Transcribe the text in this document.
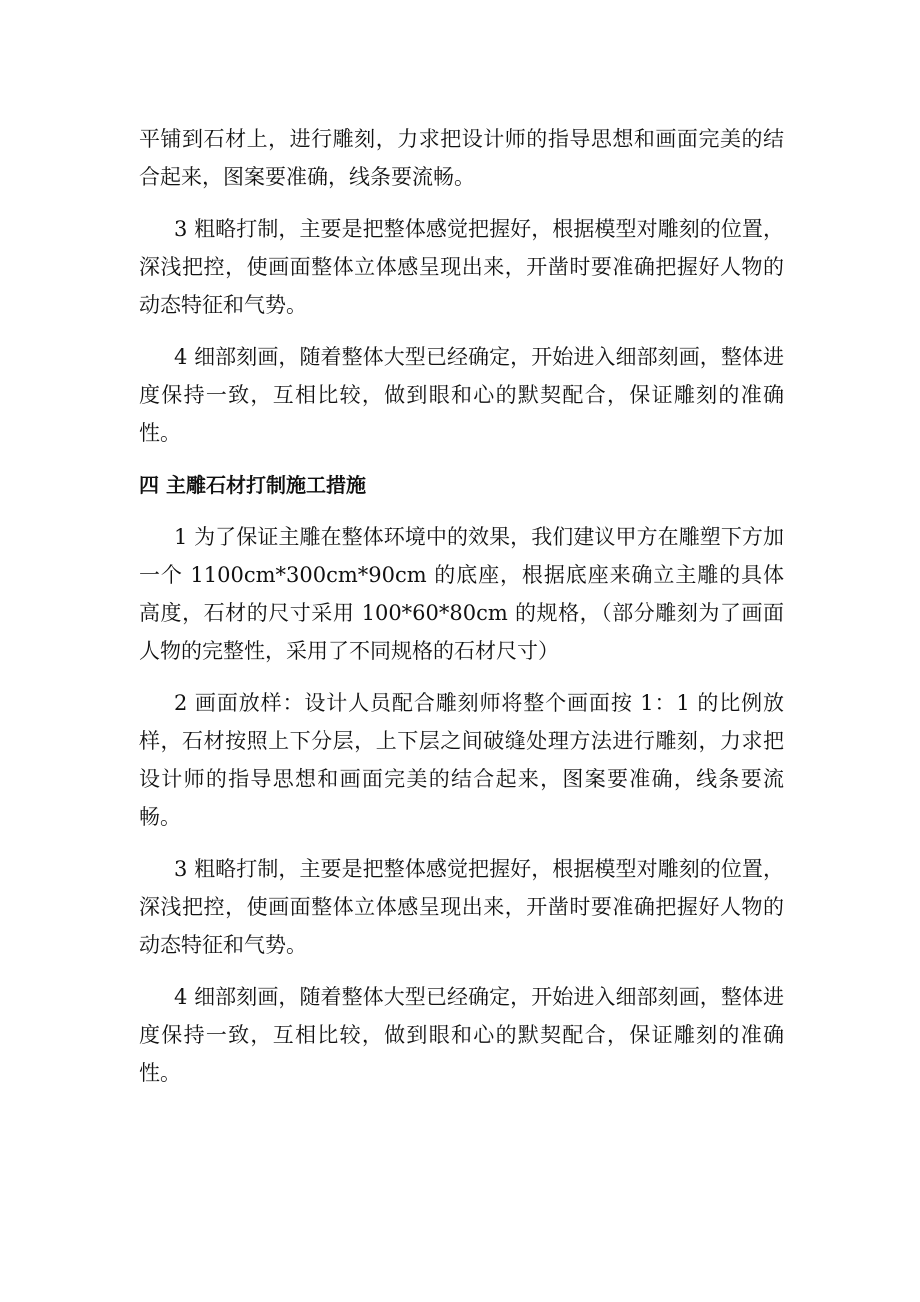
平铺到石材上，进行雕刻，力求把设计师的指导思想和画面完美的结合起来，图案要准确，线条要流畅。

3 粗略打制，主要是把整体感觉把握好，根据模型对雕刻的位置，深浅把控，使画面整体立体感呈现出来，开凿时要准确把握好人物的动态特征和气势。

4 细部刻画，随着整体大型已经确定，开始进入细部刻画，整体进度保持一致，互相比较，做到眼和心的默契配合，保证雕刻的准确性。

四 主雕石材打制施工措施

1 为了保证主雕在整体环境中的效果，我们建议甲方在雕塑下方加一个 1100cm*300cm*90cm 的底座，根据底座来确立主雕的具体高度，石材的尺寸采用 100*60*80cm 的规格，（部分雕刻为了画面人物的完整性，采用了不同规格的石材尺寸）

2 画面放样：设计人员配合雕刻师将整个画面按 1：1 的比例放样，石材按照上下分层，上下层之间破缝处理方法进行雕刻，力求把设计师的指导思想和画面完美的结合起来，图案要准确，线条要流畅。

3 粗略打制，主要是把整体感觉把握好，根据模型对雕刻的位置，深浅把控，使画面整体立体感呈现出来，开凿时要准确把握好人物的动态特征和气势。

4 细部刻画，随着整体大型已经确定，开始进入细部刻画，整体进度保持一致，互相比较，做到眼和心的默契配合，保证雕刻的准确性。
